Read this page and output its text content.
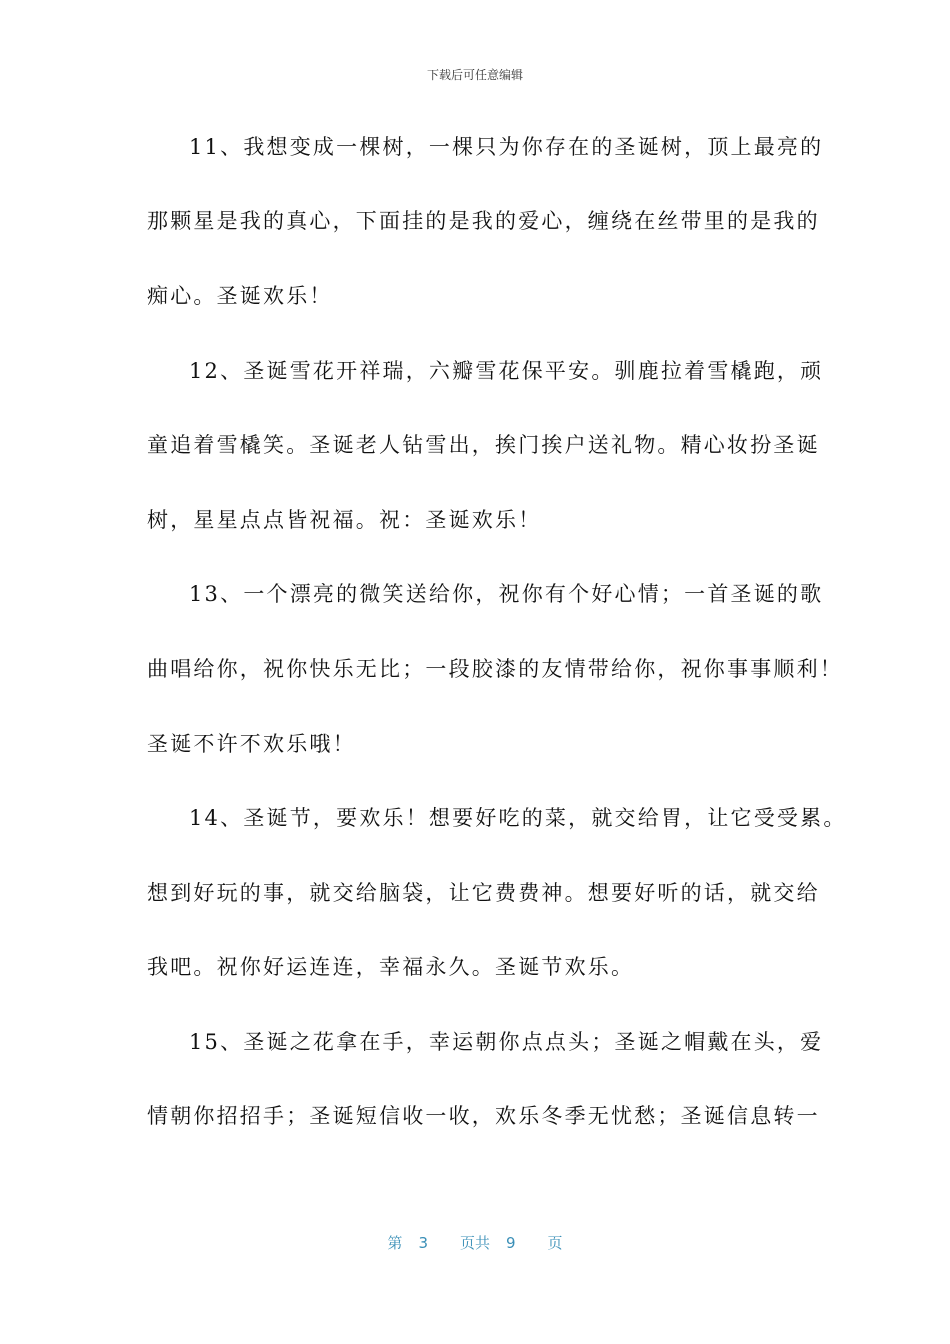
下载后可任意编辑
11、我想变成一棵树，一棵只为你存在的圣诞树，顶上最亮的
那颗星是我的真心，下面挂的是我的爱心，缠绕在丝带里的是我的
痴心。圣诞欢乐！
12、圣诞雪花开祥瑞，六瓣雪花保平安。驯鹿拉着雪橇跑，顽
童追着雪橇笑。圣诞老人钻雪出，挨门挨户送礼物。精心妆扮圣诞
树，星星点点皆祝福。祝：圣诞欢乐！
13、一个漂亮的微笑送给你，祝你有个好心情；一首圣诞的歌
曲唱给你，祝你快乐无比；一段胶漆的友情带给你，祝你事事顺利！
圣诞不许不欢乐哦！
14、圣诞节，要欢乐！想要好吃的菜，就交给胃，让它受受累。
想到好玩的事，就交给脑袋，让它费费神。想要好听的话，就交给
我吧。祝你好运连连，幸福永久。圣诞节欢乐。
15、圣诞之花拿在手，幸运朝你点点头；圣诞之帽戴在头，爱
情朝你招招手；圣诞短信收一收，欢乐冬季无忧愁；圣诞信息转一
第 3 页共 9 页
